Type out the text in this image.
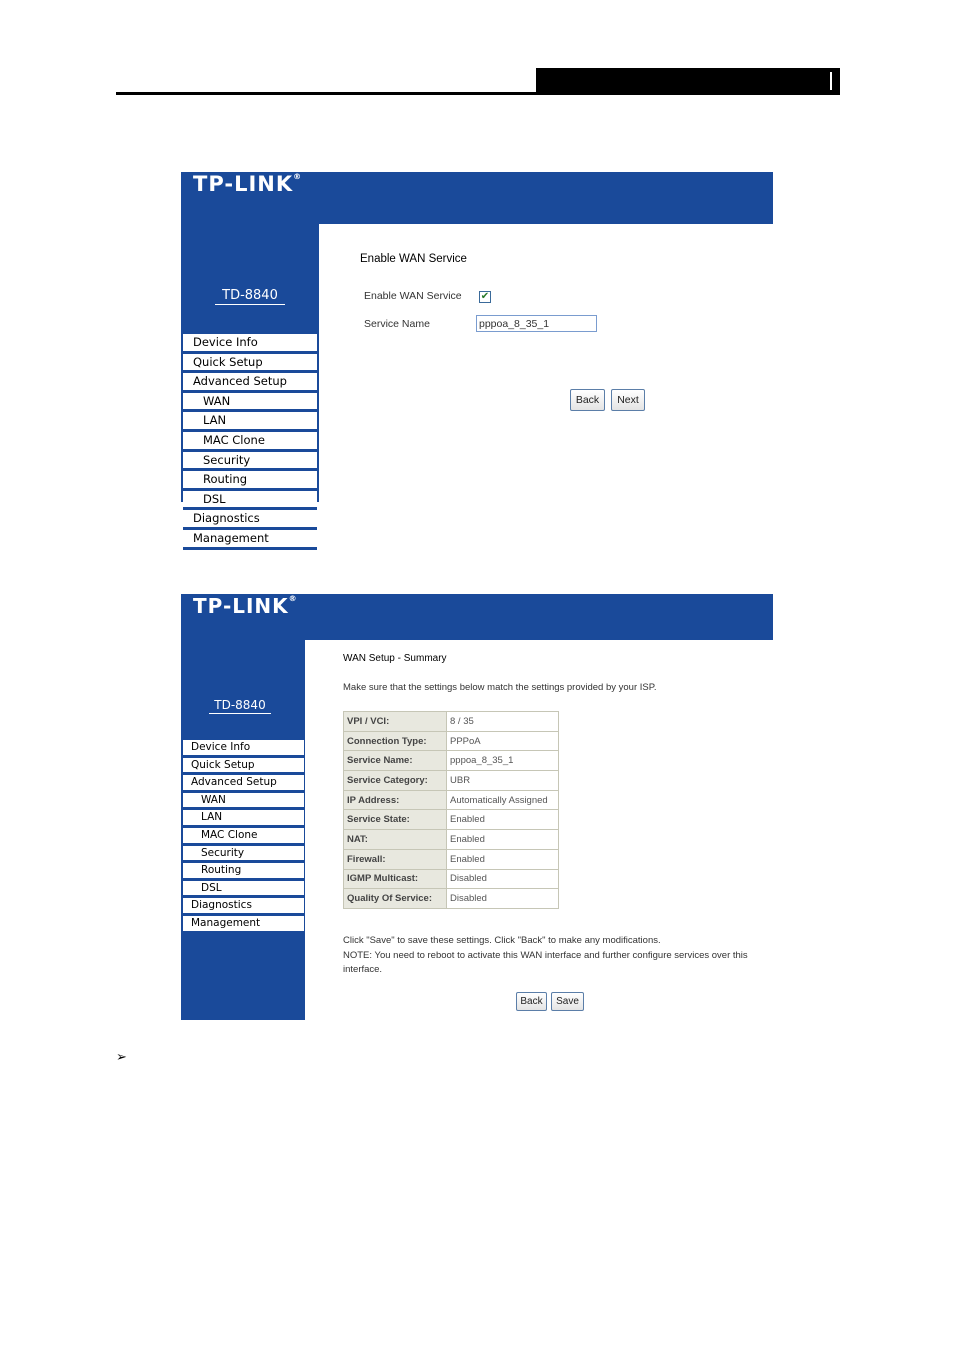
TP-LINK®
TD-8840
Device Info
Quick Setup
Advanced Setup
WAN
LAN
MAC Clone
Security
Routing
DSL
Diagnostics
Management
Enable WAN Service
Enable WAN Service ✔
Service Name
pppoa_8_35_1
Back	Next
TP-LINK®
TD-8840
Device Info
Quick Setup
Advanced Setup
WAN
LAN
MAC Clone
Security
Routing
DSL
Diagnostics
Management
WAN Setup - Summary
Make sure that the settings below match the settings provided by your ISP.
VPI / VCI:	8 / 35
Connection Type:	PPPoA
Service Name:	pppoa_8_35_1
Service Category:	UBR
IP Address:	Automatically Assigned
Service State:	Enabled
NAT:	Enabled
Firewall:	Enabled
IGMP Multicast:	Disabled
Quality Of Service:	Disabled
Click "Save" to save these settings. Click "Back" to make any modifications.
NOTE: You need to reboot to activate this WAN interface and further configure services over this interface.
Back	Save
➢
